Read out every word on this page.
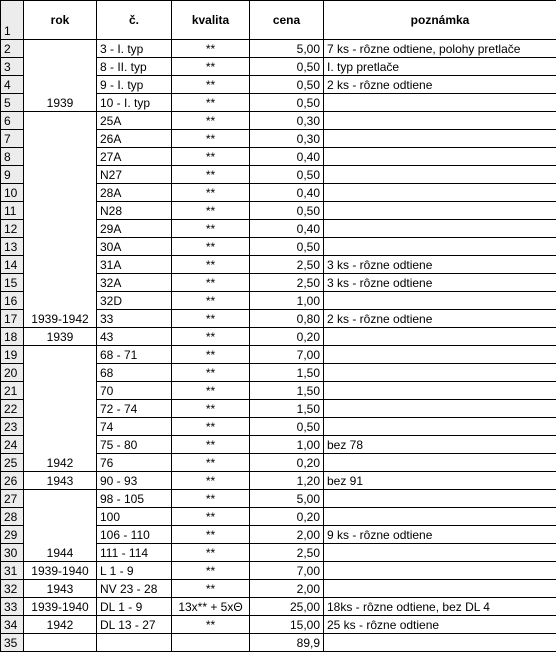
1	rok	č.	kvalita	cena	poznámka
2	1939	3 - I. typ	**	5,00	7 ks - rôzne odtiene, polohy pretlače
3		8 - II. typ	**	0,50	I. typ pretlače
4		9 - I. typ	**	0,50	2 ks - rôzne odtiene
5		10 - I. typ	**	0,50	
6	1939-1942	25A	**	0,30	
7		26A	**	0,30	
8		27A	**	0,40	
9		N27	**	0,50	
10		28A	**	0,40	
11		N28	**	0,50	
12		29A	**	0,40	
13		30A	**	0,50	
14		31A	**	2,50	3 ks - rôzne odtiene
15		32A	**	2,50	3 ks - rôzne odtiene
16		32D	**	1,00	
17		33	**	0,80	2 ks - rôzne odtiene
18	1939	43	**	0,20	
19	1942	68 - 71	**	7,00	
20		68	**	1,50	
21		70	**	1,50	
22		72 - 74	**	1,50	
23		74	**	0,50	
24		75 - 80	**	1,00	bez 78
25		76	**	0,20	
26	1943	90 - 93	**	1,20	bez 91
27	1944	98 - 105	**	5,00	
28		100	**	0,20	
29		106 - 110	**	2,00	9 ks - rôzne odtiene
30		111 - 114	**	2,50	
31	1939-1940	L 1 - 9	**	7,00	
32	1943	NV 23 - 28	**	2,00	
33	1939-1940	DL 1 - 9	13x** + 5xΘ	25,00	18ks - rôzne odtiene, bez DL 4
34	1942	DL 13 - 27	**	15,00	25 ks - rôzne odtiene
35				89,9	
